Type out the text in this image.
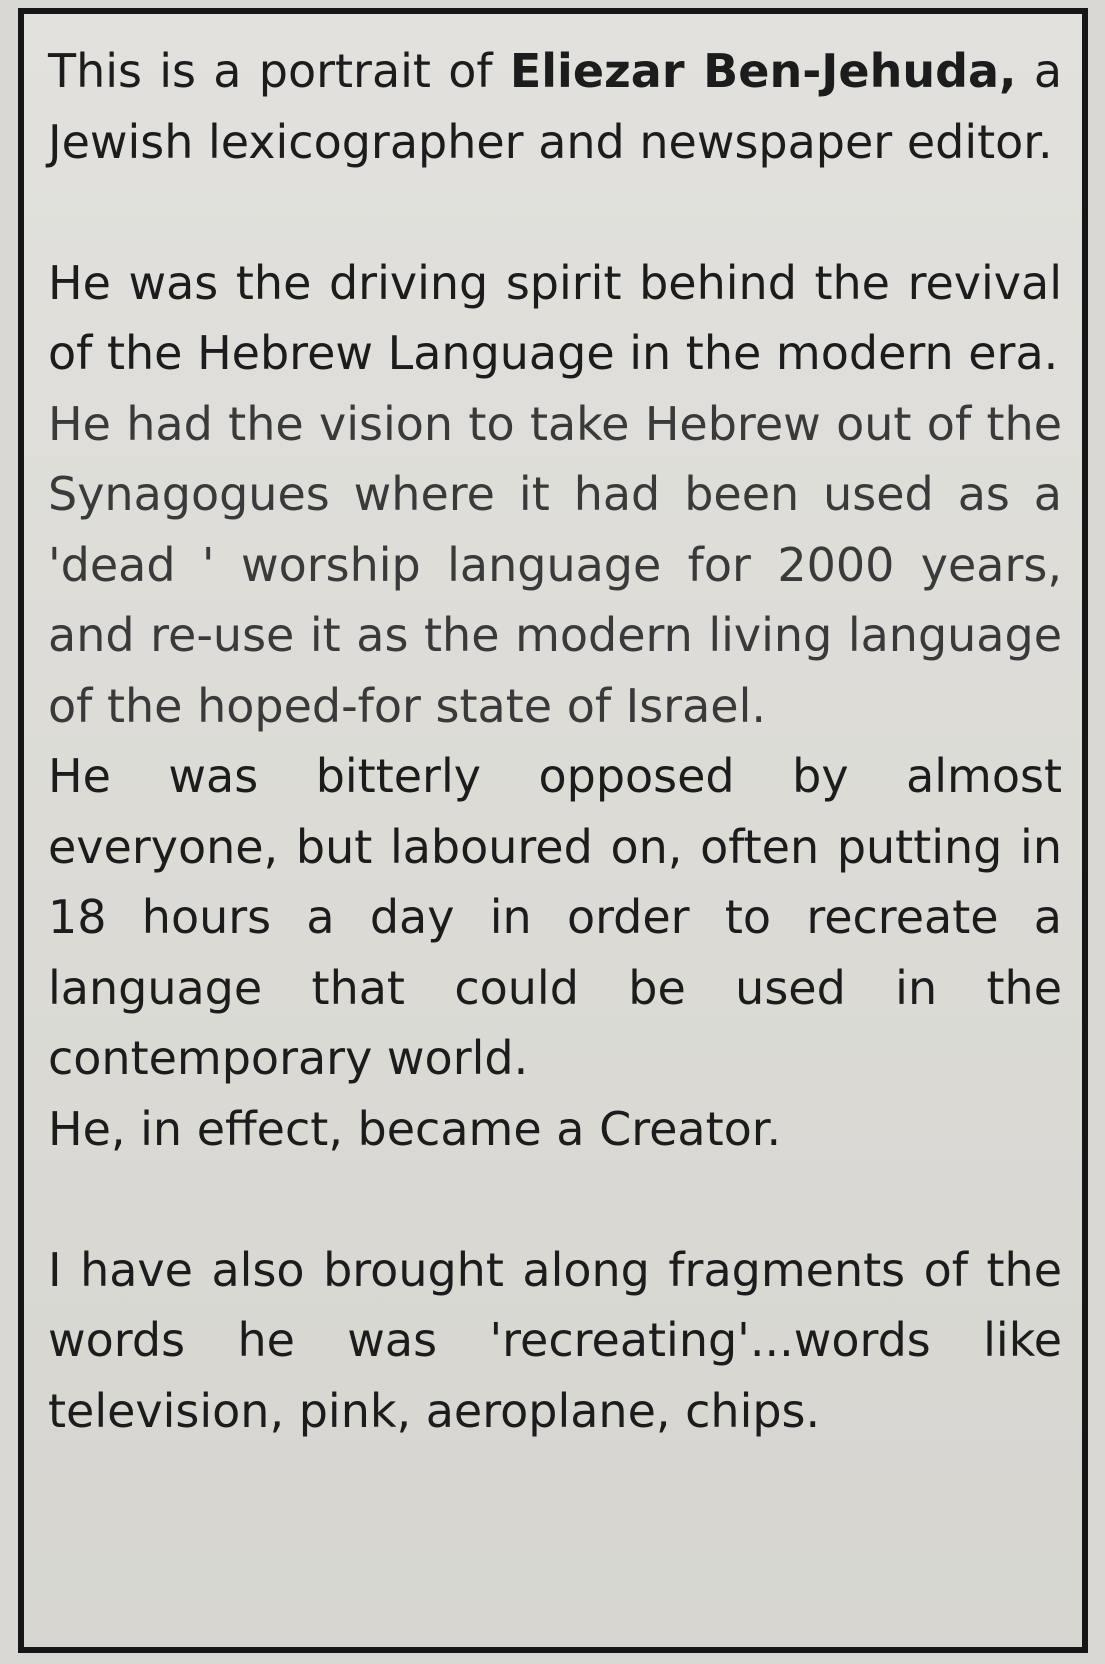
This is a portrait of Eliezar Ben-Jehuda, a Jewish lexicographer and newspaper editor.

He was the driving spirit behind the revival of the Hebrew Language in the modern era.

He had the vision to take Hebrew out of the Synagogues where it had been used as a 'dead ' worship language for 2000 years, and re-use it as the modern living language of the hoped-for state of Israel.

He was bitterly opposed by almost everyone, but laboured on, often putting in 18 hours a day in order to recreate a language that could be used in the contemporary world.

He, in effect, became a Creator.

I have also brought along fragments of the words he was 'recreating'...words like television, pink, aeroplane, chips.
